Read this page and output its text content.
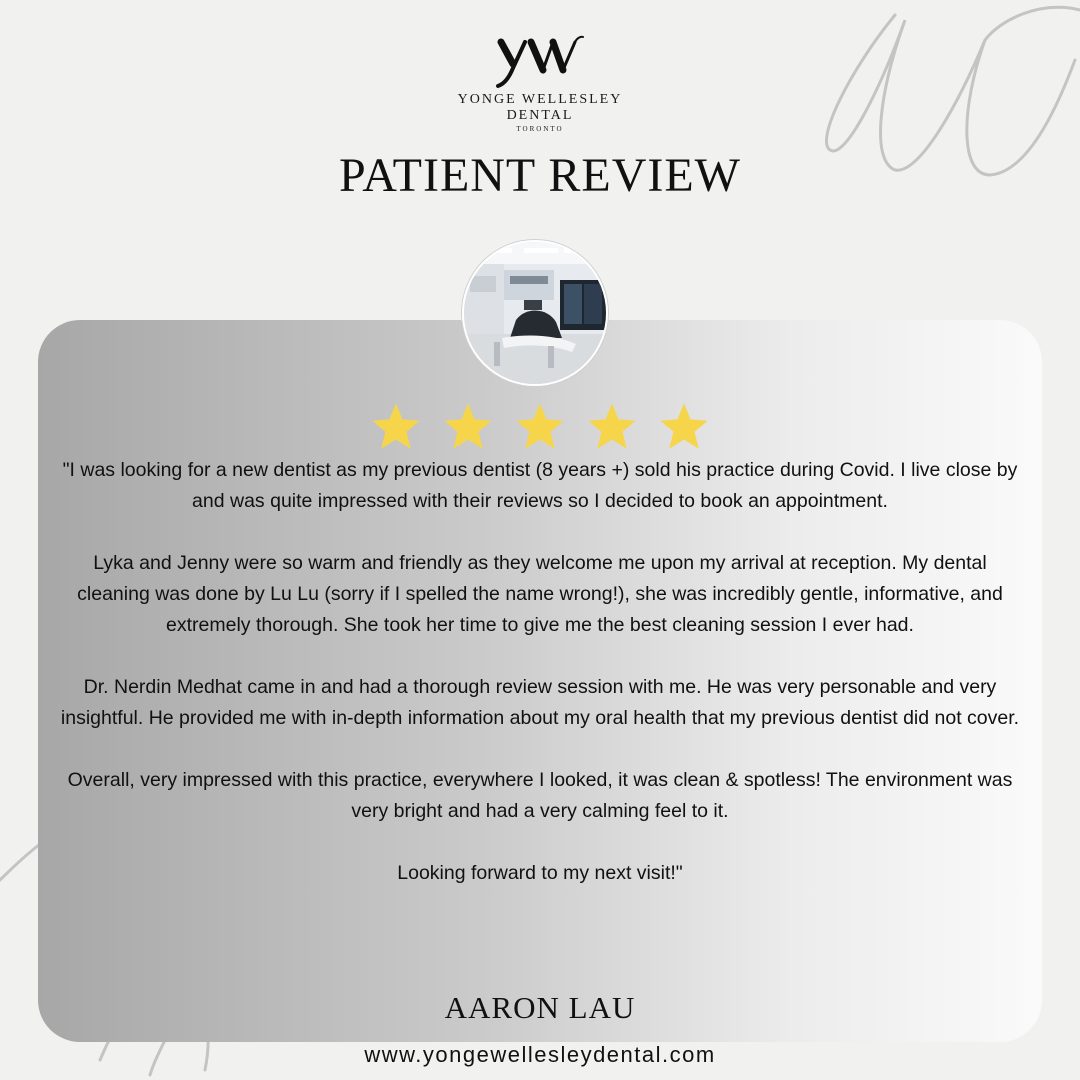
YONGE WELLESLEY
DENTAL
TORONTO
PATIENT REVIEW

"I was looking for a new dentist as my previous dentist (8 years +) sold his practice during Covid. I live close by and was quite impressed with their reviews so I decided to book an appointment.

Lyka and Jenny were so warm and friendly as they welcome me upon my arrival at reception. My dental cleaning was done by Lu Lu (sorry if I spelled the name wrong!), she was incredibly gentle, informative, and extremely thorough. She took her time to give me the best cleaning session I ever had.

Dr. Nerdin Medhat came in and had a thorough review session with me. He was very personable and very insightful. He provided me with in-depth information about my oral health that my previous dentist did not cover.

Overall, very impressed with this practice, everywhere I looked, it was clean & spotless! The environment was very bright and had a very calming feel to it.

Looking forward to my next visit!"

AARON LAU
www.yongewellesleydental.com
